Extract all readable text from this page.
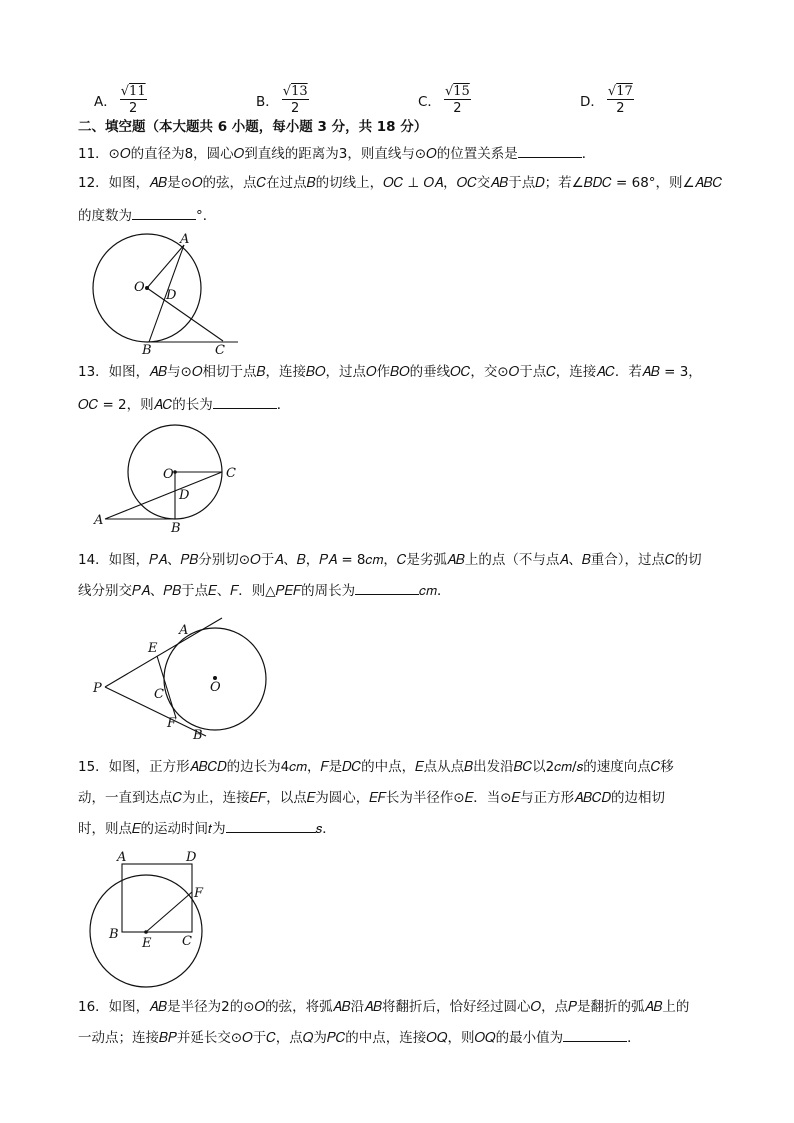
A． $\frac{√11}{2}$	B． $\frac{√13}{2}$	C． $\frac{√15}{2}$	D． $\frac{√17}{2}$
二、填空题（本大题共 6 小题，每小题 3 分，共 18 分）
11．⊙𝑂的直径为8，圆心𝑂到直线的距离为3，则直线与⊙𝑂的位置关系是	．
12．如图，𝐴𝐵是⊙𝑂的弦，点𝐶在过点𝐵的切线上，𝑂𝐶 ⊥ 𝑂𝐴，𝑂𝐶交𝐴𝐵于点𝐷；若∠𝐵𝐷𝐶 = 68°，则∠𝐴𝐵𝐶
的度数为	°．
A
O
D
B	C
13．如图，𝐴𝐵与⊙𝑂相切于点𝐵，连接𝐵𝑂，过点𝑂作𝐵𝑂的垂线𝑂𝐶，交⊙𝑂于点𝐶，连接𝐴𝐶．若𝐴𝐵 = 3，
𝑂𝐶 = 2，则𝐴𝐶的长为	．
O	C
D
A
B
14．如图，𝑃𝐴、𝑃𝐵分别切⊙𝑂于𝐴、𝐵，𝑃𝐴 = 8𝑐𝑚，𝐶是劣弧𝐴𝐵上的点（不与点𝐴、𝐵重合），过点𝐶的切
线分别交𝑃𝐴、𝑃𝐵于点𝐸、𝐹．则△𝑃𝐸𝐹的周长为	𝑐𝑚．
A
E
P	C	O
F
B
15．如图，正方形𝐴𝐵𝐶𝐷的边长为4𝑐𝑚，𝐹是𝐷𝐶的中点，𝐸点从点𝐵出发沿𝐵𝐶以2𝑐𝑚/𝑠的速度向点𝐶移
动，一直到达点𝐶为止，连接𝐸𝐹，以点𝐸为圆心，𝐸𝐹长为半径作⊙𝐸．当⊙𝐸与正方形𝐴𝐵𝐶𝐷的边相切
时，则点𝐸的运动时间𝑡为	𝑠．
A	D
F
B
E C
16．如图，𝐴𝐵是半径为2的⊙𝑂的弦，将弧𝐴𝐵沿𝐴𝐵将翻折后，恰好经过圆心𝑂，点𝑃是翻折的弧𝐴𝐵上的
一动点；连接𝐵𝑃并延长交⊙𝑂于𝐶，点𝑄为𝑃𝐶的中点，连接𝑂𝑄，则𝑂𝑄的最小值为	．
